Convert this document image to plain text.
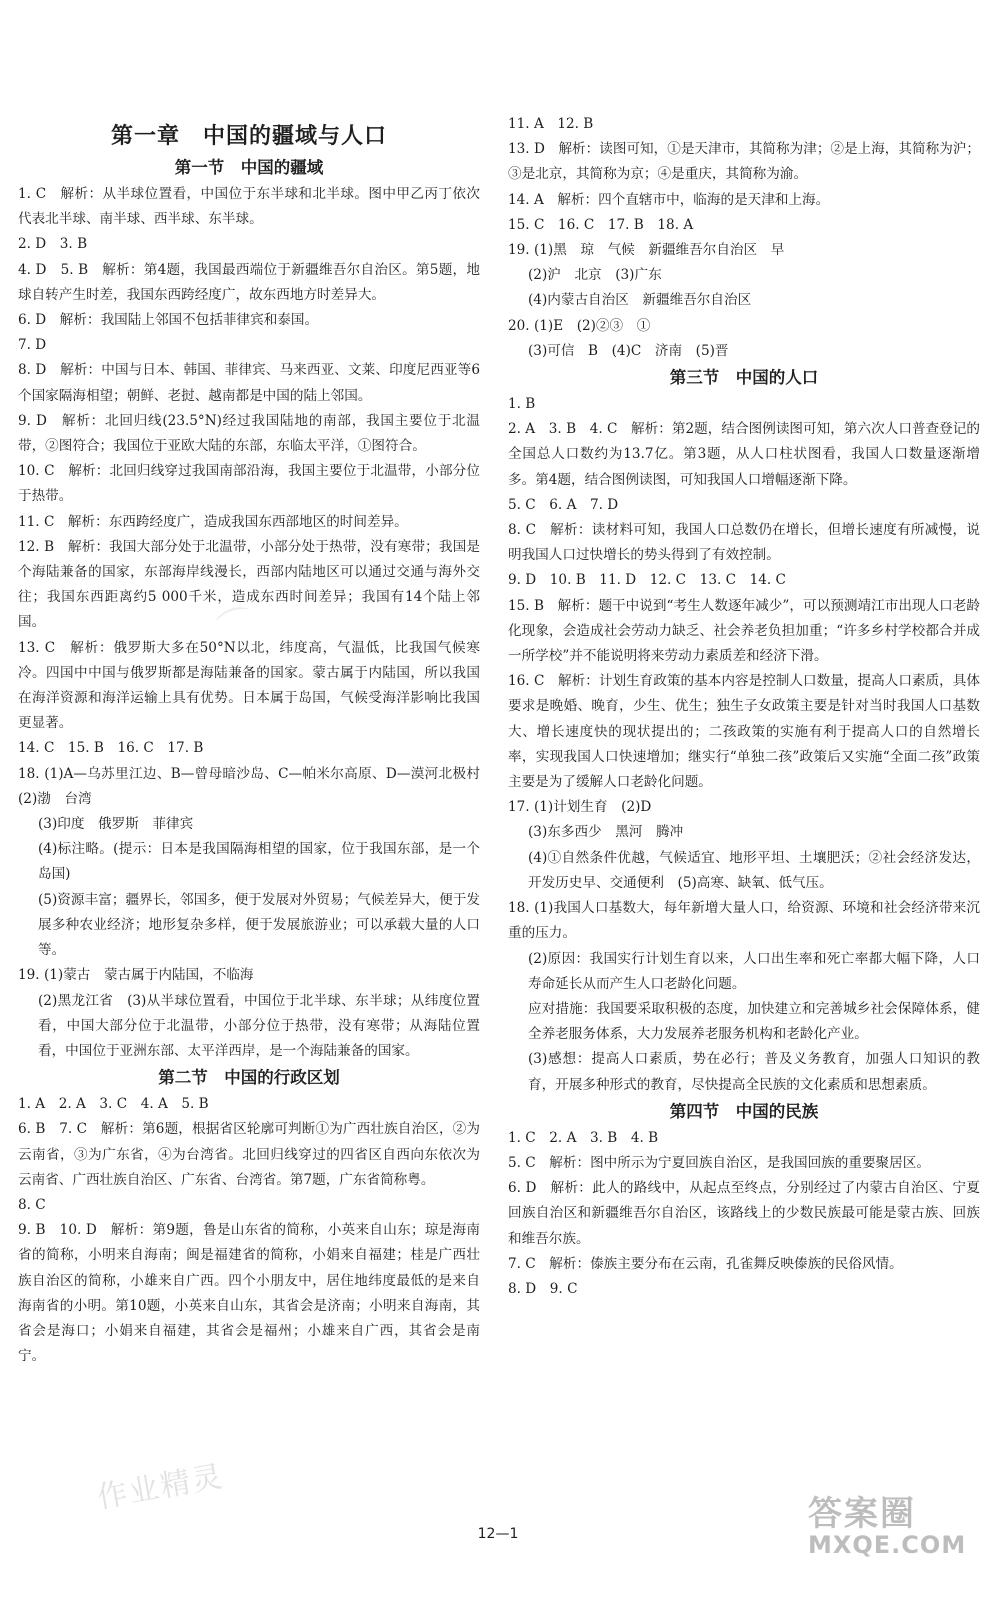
⌒
第一章　中国的疆域与人口
第一节　中国的疆域

1. C　解析：从半球位置看，中国位于东半球和北半球。图中甲乙丙丁依次代表北半球、南半球、西半球、东半球。

2. D　3. B

4. D　5. B　解析：第4题，我国最西端位于新疆维吾尔自治区。第5题，地球自转产生时差，我国东西跨经度广，故东西地方时差异大。

6. D　解析：我国陆上邻国不包括菲律宾和泰国。

7. D

8. D　解析：中国与日本、韩国、菲律宾、马来西亚、文莱、印度尼西亚等6个国家隔海相望；朝鲜、老挝、越南都是中国的陆上邻国。

9. D　解析：北回归线(23.5°N)经过我国陆地的南部，我国主要位于北温带，②图符合；我国位于亚欧大陆的东部，东临太平洋，①图符合。

10. C　解析：北回归线穿过我国南部沿海，我国主要位于北温带，小部分位于热带。

11. C　解析：东西跨经度广，造成我国东西部地区的时间差异。

12. B　解析：我国大部分处于北温带，小部分处于热带，没有寒带；我国是个海陆兼备的国家，东部海岸线漫长，西部内陆地区可以通过交通与海外交往；我国东西距离约5 000千米，造成东西时间差异；我国有14个陆上邻国。

13. C　解析：俄罗斯大多在50°N以北，纬度高，气温低，比我国气候寒冷。四国中中国与俄罗斯都是海陆兼备的国家。蒙古属于内陆国，所以我国在海洋资源和海洋运输上具有优势。日本属于岛国，气候受海洋影响比我国更显著。

14. C　15. B　16. C　17. B

18. (1)A—乌苏里江边、B—曾母暗沙岛、C—帕米尔高原、D—漠河北极村　(2)渤　台湾

(3)印度　俄罗斯　菲律宾

(4)标注略。(提示：日本是我国隔海相望的国家，位于我国东部，是一个岛国)

(5)资源丰富；疆界长，邻国多，便于发展对外贸易；气候差异大，便于发展多种农业经济；地形复杂多样，便于发展旅游业；可以承载大量的人口等。

19. (1)蒙古　蒙古属于内陆国，不临海

(2)黑龙江省　(3)从半球位置看，中国位于北半球、东半球；从纬度位置看，中国大部分位于北温带，小部分位于热带，没有寒带；从海陆位置看，中国位于亚洲东部、太平洋西岸，是一个海陆兼备的国家。

第二节　中国的行政区划

1. A　2. A　3. C　4. A　5. B

6. B　7. C　解析：第6题，根据省区轮廓可判断①为广西壮族自治区，②为云南省，③为广东省，④为台湾省。北回归线穿过的四省区自西向东依次为云南省、广西壮族自治区、广东省、台湾省。第7题，广东省简称粤。

8. C

9. B　10. D　解析：第9题，鲁是山东省的简称，小英来自山东；琼是海南省的简称，小明来自海南；闽是福建省的简称，小娟来自福建；桂是广西壮族自治区的简称，小雄来自广西。四个小朋友中，居住地纬度最低的是来自海南省的小明。第10题，小英来自山东，其省会是济南；小明来自海南，其省会是海口；小娟来自福建，其省会是福州；小雄来自广西，其省会是南宁。

11. A　12. B

13. D　解析：读图可知，①是天津市，其简称为津；②是上海，其简称为沪；③是北京，其简称为京；④是重庆，其简称为渝。

14. A　解析：四个直辖市中，临海的是天津和上海。

15. C　16. C　17. B　18. A

19. (1)黑　琼　气候　新疆维吾尔自治区　早

(2)沪　北京　(3)广东

(4)内蒙古自治区　新疆维吾尔自治区

20. (1)E　(2)②③　①

(3)可信　B　(4)C　济南　(5)晋

第三节　中国的人口

1. B

2. A　3. B　4. C　解析：第2题，结合图例读图可知，第六次人口普查登记的全国总人口数约为13.7亿。第3题，从人口柱状图看，我国人口数量逐渐增多。第4题，结合图例读图，可知我国人口增幅逐渐下降。

5. C　6. A　7. D

8. C　解析：读材料可知，我国人口总数仍在增长，但增长速度有所减慢，说明我国人口过快增长的势头得到了有效控制。

9. D　10. B　11. D　12. C　13. C　14. C

15. B　解析：题干中说到“考生人数逐年减少”，可以预测靖江市出现人口老龄化现象，会造成社会劳动力缺乏、社会养老负担加重；“许多乡村学校都合并成一所学校”并不能说明将来劳动力素质差和经济下滑。

16. C　解析：计划生育政策的基本内容是控制人口数量，提高人口素质，具体要求是晚婚、晚育，少生、优生；独生子女政策主要是针对当时我国人口基数大、增长速度快的现状提出的；二孩政策的实施有利于提高人口的自然增长率，实现我国人口快速增加；继实行“单独二孩”政策后又实施“全面二孩”政策主要是为了缓解人口老龄化问题。

17. (1)计划生育　(2)D

(3)东多西少　黑河　腾冲

(4)①自然条件优越，气候适宜、地形平坦、土壤肥沃；②社会经济发达，开发历史早、交通便利　(5)高寒、缺氧、低气压。

18. (1)我国人口基数大，每年新增大量人口，给资源、环境和社会经济带来沉重的压力。

(2)原因：我国实行计划生育以来，人口出生率和死亡率都大幅下降，人口寿命延长从而产生人口老龄化问题。

应对措施：我国要采取积极的态度，加快建立和完善城乡社会保障体系，健全养老服务体系，大力发展养老服务机构和老龄化产业。

(3)感想：提高人口素质，势在必行；普及义务教育，加强人口知识的教育，开展多种形式的教育，尽快提高全民族的文化素质和思想素质。

第四节　中国的民族

1. C　2. A　3. B　4. B

5. C　解析：图中所示为宁夏回族自治区，是我国回族的重要聚居区。

6. D　解析：此人的路线中，从起点至终点，分别经过了内蒙古自治区、宁夏回族自治区和新疆维吾尔自治区，该路线上的少数民族最可能是蒙古族、回族和维吾尔族。

7. C　解析：傣族主要分布在云南，孔雀舞反映傣族的民俗风情。

8. D　9. C

12—1
作业精灵	答案圈
MXQE.COM
